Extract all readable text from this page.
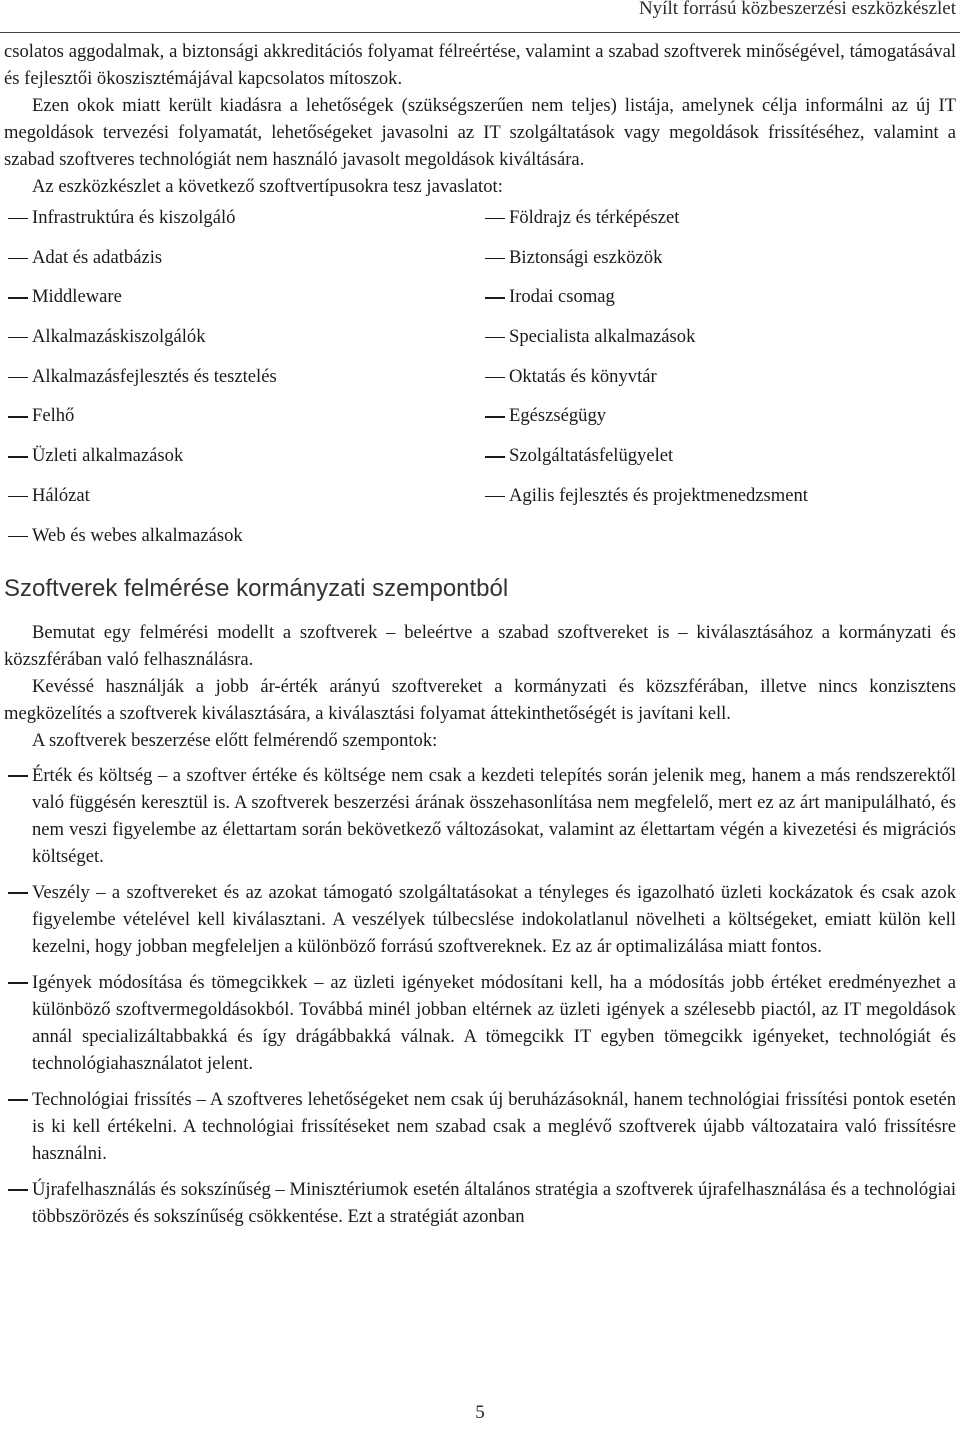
Nyílt forrású közbeszerzési eszközkészlet

csolatos aggodalmak, a biztonsági akkreditációs folyamat félreértése, valamint a szabad szoftverek minőségével, támogatásával és fejlesztői ökoszisztémájával kapcsolatos mítoszok.

Ezen okok miatt került kiadásra a lehetőségek (szükségszerűen nem teljes) listája, amelynek célja informálni az új IT megoldások tervezési folyamatát, lehetőségeket javasolni az IT szolgáltatások vagy megoldások frissítéséhez, valamint a szabad szoftveres technológiát nem használó javasolt megoldások kiváltására.

Az eszközkészlet a következő szoftvertípusokra tesz javaslatot:

Infrastruktúra és kiszolgáló
Adat és adatbázis
Middleware
Alkalmazáskiszolgálók
Alkalmazásfejlesztés és tesztelés
Felhő
Üzleti alkalmazások
Hálózat
Web és webes alkalmazások
Földrajz és térképészet
Biztonsági eszközök
Irodai csomag
Specialista alkalmazások
Oktatás és könyvtár
Egészségügy
Szolgáltatásfelügyelet
Agilis fejlesztés és projektmenedzsment
Szoftverek felmérése kormányzati szempontból

Bemutat egy felmérési modellt a szoftverek – beleértve a szabad szoftvereket is – kiválasztásához a kormányzati és közszférában való felhasználásra.

Kevéssé használják a jobb ár-érték arányú szoftvereket a kormányzati és közszférában, illetve nincs konzisztens megközelítés a szoftverek kiválasztására, a kiválasztási folyamat áttekinthetőségét is javítani kell.

A szoftverek beszerzése előtt felmérendő szempontok:

Érték és költség – a szoftver értéke és költsége nem csak a kezdeti telepítés során jelenik meg, hanem a más rendszerektől való függésén keresztül is. A szoftverek beszerzési árának összehasonlítása nem megfelelő, mert ez az árt manipulálható, és nem veszi figyelembe az élettartam során bekövetkező változásokat, valamint az élettartam végén a kivezetési és migrációs költséget.

Veszély – a szoftvereket és az azokat támogató szolgáltatásokat a tényleges és igazolható üzleti kockázatok és csak azok figyelembe vételével kell kiválasztani. A veszélyek túlbecslése indokolatlanul növelheti a költségeket, emiatt külön kell kezelni, hogy jobban megfeleljen a különböző forrású szoftvereknek. Ez az ár optimalizálása miatt fontos.

Igények módosítása és tömegcikkek – az üzleti igényeket módosítani kell, ha a módosítás jobb értéket eredményezhet a különböző szoftvermegoldásokból. Továbbá minél jobban eltérnek az üzleti igények a szélesebb piactól, az IT megoldások annál specializáltabbakká és így drágábbakká válnak. A tömegcikk IT egyben tömegcikk igényeket, technológiát és technológiahasználatot jelent.

Technológiai frissítés – A szoftveres lehetőségeket nem csak új beruházásoknál, hanem technológiai frissítési pontok esetén is ki kell értékelni. A technológiai frissítéseket nem szabad csak a meglévő szoftverek újabb változataira való frissítésre használni.

Újrafelhasználás és sokszínűség – Minisztériumok esetén általános stratégia a szoftverek újrafelhasználása és a technológiai többszörözés és sokszínűség csökkentése. Ezt a stratégiát azonban

5
